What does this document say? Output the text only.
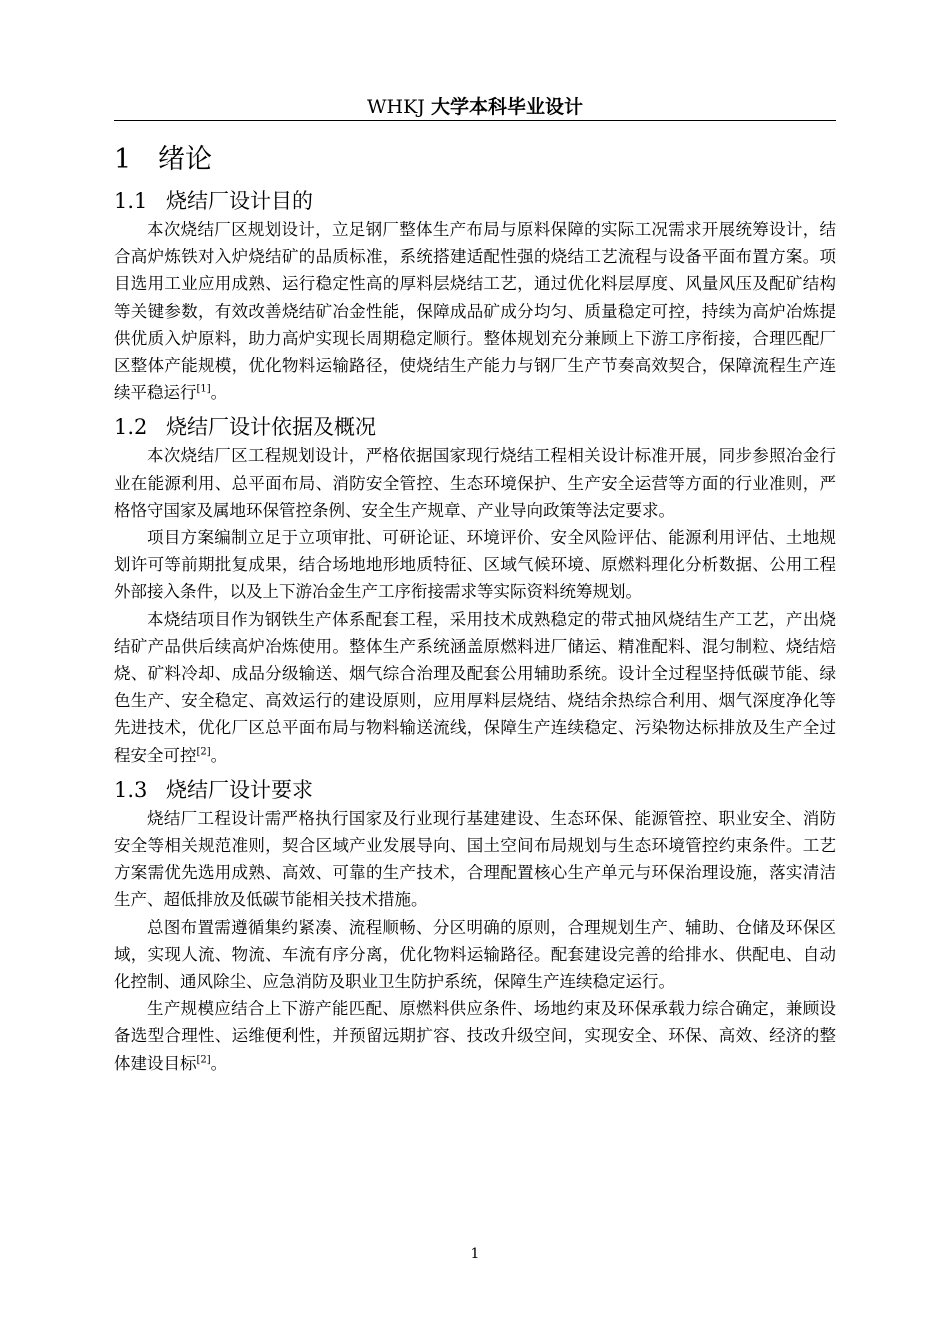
WHKJ 大学本科毕业设计
1 绪论
1.1 烧结厂设计目的

本次烧结厂区规划设计，立足钢厂整体生产布局与原料保障的实际工况需求开展统筹设计，结合高炉炼铁对入炉烧结矿的品质标准，系统搭建适配性强的烧结工艺流程与设备平面布置方案。项目选用工业应用成熟、运行稳定性高的厚料层烧结工艺，通过优化料层厚度、风量风压及配矿结构等关键参数，有效改善烧结矿冶金性能，保障成品矿成分均匀、质量稳定可控，持续为高炉冶炼提供优质入炉原料，助力高炉实现长周期稳定顺行。整体规划充分兼顾上下游工序衔接，合理匹配厂区整体产能规模，优化物料运输路径，使烧结生产能力与钢厂生产节奏高效契合，保障流程生产连续平稳运行[1]。

1.2 烧结厂设计依据及概况

本次烧结厂区工程规划设计，严格依据国家现行烧结工程相关设计标准开展，同步参照冶金行业在能源利用、总平面布局、消防安全管控、生态环境保护、生产安全运营等方面的行业准则，严格恪守国家及属地环保管控条例、安全生产规章、产业导向政策等法定要求。

项目方案编制立足于立项审批、可研论证、环境评价、安全风险评估、能源利用评估、土地规划许可等前期批复成果，结合场地地形地质特征、区域气候环境、原燃料理化分析数据、公用工程外部接入条件，以及上下游冶金生产工序衔接需求等实际资料统筹规划。

本烧结项目作为钢铁生产体系配套工程，采用技术成熟稳定的带式抽风烧结生产工艺，产出烧结矿产品供后续高炉冶炼使用。整体生产系统涵盖原燃料进厂储运、精准配料、混匀制粒、烧结焙烧、矿料冷却、成品分级输送、烟气综合治理及配套公用辅助系统。设计全过程坚持低碳节能、绿色生产、安全稳定、高效运行的建设原则，应用厚料层烧结、烧结余热综合利用、烟气深度净化等先进技术，优化厂区总平面布局与物料输送流线，保障生产连续稳定、污染物达标排放及生产全过程安全可控[2]。

1.3 烧结厂设计要求

烧结厂工程设计需严格执行国家及行业现行基建建设、生态环保、能源管控、职业安全、消防安全等相关规范准则，契合区域产业发展导向、国土空间布局规划与生态环境管控约束条件。工艺方案需优先选用成熟、高效、可靠的生产技术，合理配置核心生产单元与环保治理设施，落实清洁生产、超低排放及低碳节能相关技术措施。

总图布置需遵循集约紧凑、流程顺畅、分区明确的原则，合理规划生产、辅助、仓储及环保区域，实现人流、物流、车流有序分离，优化物料运输路径。配套建设完善的给排水、供配电、自动化控制、通风除尘、应急消防及职业卫生防护系统，保障生产连续稳定运行。

生产规模应结合上下游产能匹配、原燃料供应条件、场地约束及环保承载力综合确定，兼顾设备选型合理性、运维便利性，并预留远期扩容、技改升级空间，实现安全、环保、高效、经济的整体建设目标[2]。

1
